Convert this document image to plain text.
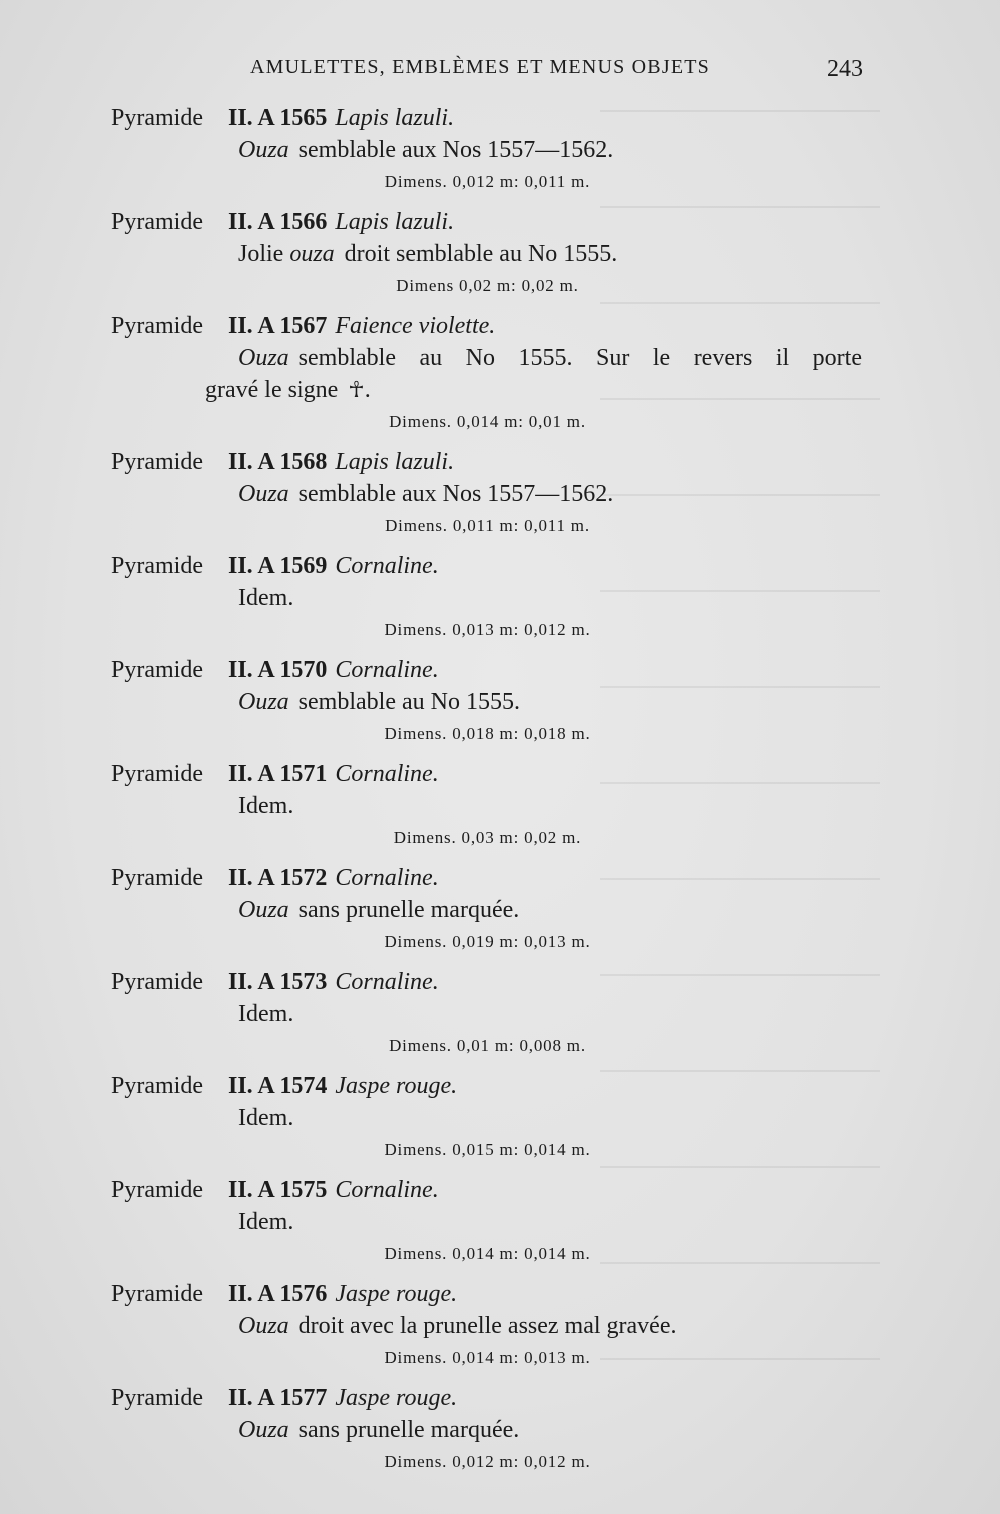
AMULETTES, EMBLÈMES ET MENUS OBJETS	243
Pyramide II. A 1565 Lapis lazuli.
Ouza semblable aux Nos 1557—1562.
Dimens. 0,012 m: 0,011 m.
Pyramide II. A 1566 Lapis lazuli.
Jolie ouza droit semblable au No 1555.
Dimens 0,02 m: 0,02 m.
Pyramide II. A 1567 Faience violette.
Ouza semblable au No 1555. Sur le revers il porte
gravé le signe ☥.
Dimens. 0,014 m: 0,01 m.
Pyramide II. A 1568 Lapis lazuli.
Ouza semblable aux Nos 1557—1562.
Dimens. 0,011 m: 0,011 m.
Pyramide II. A 1569 Cornaline.
Idem.
Dimens. 0,013 m: 0,012 m.
Pyramide II. A 1570 Cornaline.
Ouza semblable au No 1555.
Dimens. 0,018 m: 0,018 m.
Pyramide II. A 1571 Cornaline.
Idem.
Dimens. 0,03 m: 0,02 m.
Pyramide II. A 1572 Cornaline.
Ouza sans prunelle marquée.
Dimens. 0,019 m: 0,013 m.
Pyramide II. A 1573 Cornaline.
Idem.
Dimens. 0,01 m: 0,008 m.
Pyramide II. A 1574 Jaspe rouge.
Idem.
Dimens. 0,015 m: 0,014 m.
Pyramide II. A 1575 Cornaline.
Idem.
Dimens. 0,014 m: 0,014 m.
Pyramide II. A 1576 Jaspe rouge.
Ouza droit avec la prunelle assez mal gravée.
Dimens. 0,014 m: 0,013 m.
Pyramide II. A 1577 Jaspe rouge.
Ouza sans prunelle marquée.
Dimens. 0,012 m: 0,012 m.
